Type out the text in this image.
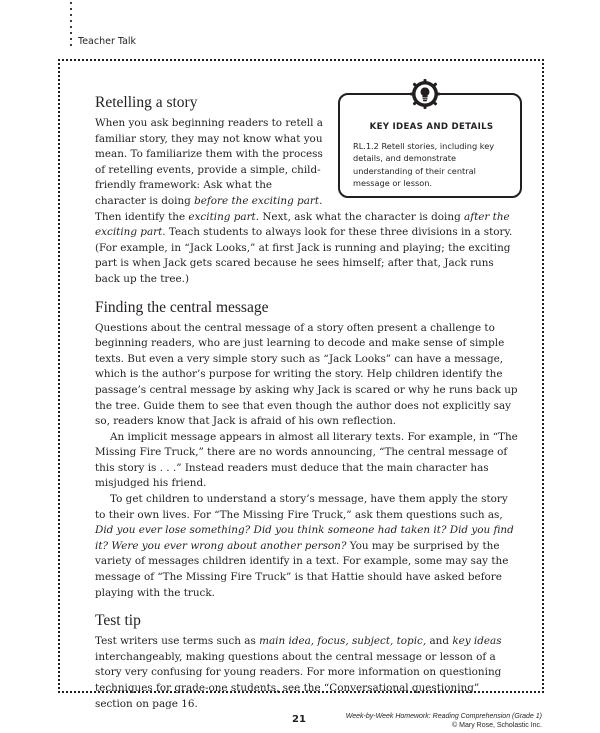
Teacher Talk
KEY IDEAS AND DETAILS
RL.1.2 Retell stories, including key details, and demonstrate understanding of their central message or lesson.
Retelling a story

When you ask beginning readers to retell a familiar story, they may not know what you mean. To familiarize them with the process of retelling events, provide a simple, child-friendly framework: Ask what the character is doing before the exciting part. Then identify the exciting part. Next, ask what the character is doing after the exciting part. Teach students to always look for these three divisions in a story. (For example, in “Jack Looks,” at first Jack is running and playing; the exciting part is when Jack gets scared because he sees himself; after that, Jack runs back up the tree.)

Finding the central message

Questions about the central message of a story often present a challenge to beginning readers, who are just learning to decode and make sense of simple texts. But even a very simple story such as “Jack Looks” can have a message, which is the author’s purpose for writing the story. Help children identify the passage’s central message by asking why Jack is scared or why he runs back up the tree. Guide them to see that even though the author does not explicitly say so, readers know that Jack is afraid of his own reflection.

An implicit message appears in almost all literary texts. For example, in “The Missing Fire Truck,” there are no words announcing, “The central message of this story is . . .” Instead readers must deduce that the main character has misjudged his friend.

To get children to understand a story’s message, have them apply the story to their own lives. For “The Missing Fire Truck,” ask them questions such as, Did you ever lose something? Did you think someone had taken it? Did you find it? Were you ever wrong about another person? You may be surprised by the variety of messages children identify in a text. For example, some may say the message of “The Missing Fire Truck” is that Hattie should have asked before playing with the truck.

Test tip

Test writers use terms such as main idea, focus, subject, topic, and key ideas interchangeably, making questions about the central message or lesson of a story very confusing for young readers. For more information on questioning techniques for grade-one students, see the “Conversational questioning” section on page 16.

21	Week-by-Week Homework: Reading Comprehension (Grade 1)
© Mary Rose, Scholastic Inc.
